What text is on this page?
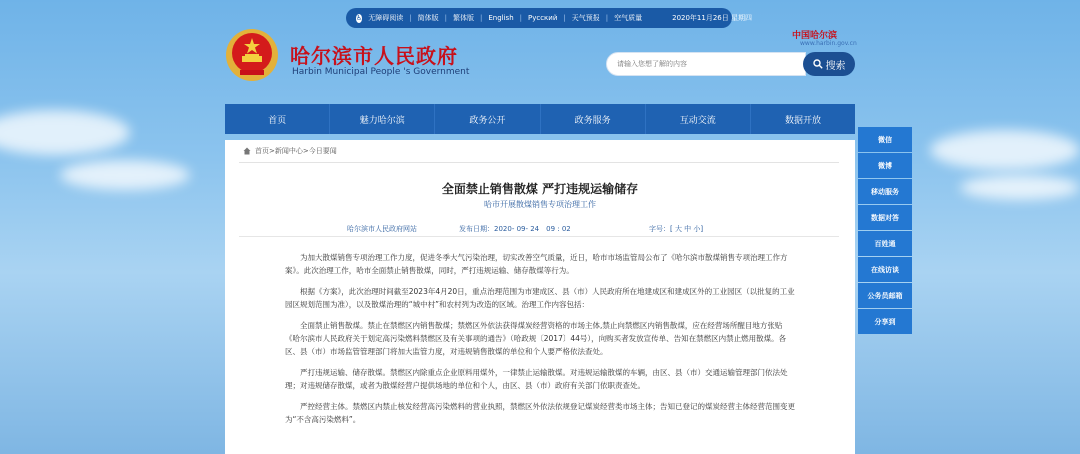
♿ 无障碍阅读 | 简体版 | 繁体版 | English | Русский | 天气预报 | 空气质量	2020年11月26日 星期四
哈尔滨市人民政府
Harbin Municipal People 's Government
中国哈尔滨
www.harbin.gov.cn
请输入您想了解的内容
搜索
首页	魅力哈尔滨	政务公开	政务服务	互动交流	数据开放
首页>新闻中心>今日要闻
全面禁止销售散煤 严打违规运输储存
哈市开展散煤销售专项治理工作
哈尔滨市人民政府网站	发布日期：2020- 09- 24　09 : 02	字号：[ 大 中 小]

为加大散煤销售专项治理工作力度，促进冬季大气污染治理，切实改善空气质量，近日，哈市市场监管局公布了《哈尔滨市散煤销售专项治理工作方案》。此次治理工作，哈市全面禁止销售散煤，同时，严打违规运输、储存散煤等行为。

根据《方案》，此次治理时间截至2023年4月20日，重点治理范围为市建成区、县（市）人民政府所在地建成区和建成区外的工业园区（以批复的工业园区规划范围为准），以及散煤治理的“城中村”和农村列为改造的区域。治理工作内容包括：

全面禁止销售散煤。禁止在禁燃区内销售散煤；禁燃区外依法获得煤炭经营资格的市场主体,禁止向禁燃区内销售散煤，应在经营场所醒目地方张贴《哈尔滨市人民政府关于划定高污染燃料禁燃区及有关事项的通告》（哈政规〔2017〕44号），向购买者发放宣传单、告知在禁燃区内禁止燃用散煤。各区、县（市）市场监管管理部门将加大监管力度，对违规销售散煤的单位和个人要严格依法查处。

严打违规运输、储存散煤。禁燃区内除重点企业原料用煤外，一律禁止运输散煤。对违规运输散煤的车辆，由区、县（市）交通运输管理部门依法处理；对违规储存散煤，或者为散煤经营户提供场地的单位和个人，由区、县（市）政府有关部门依职责查处。

严控经营主体。禁燃区内禁止核发经营高污染燃料的营业执照，禁燃区外依法依规登记煤炭经营类市场主体；告知已登记的煤炭经营主体经营范围变更为“不含高污染燃料”。

微信
微博
移动服务
数据对答
百姓通
在线访谈
公务员邮箱
分享到
